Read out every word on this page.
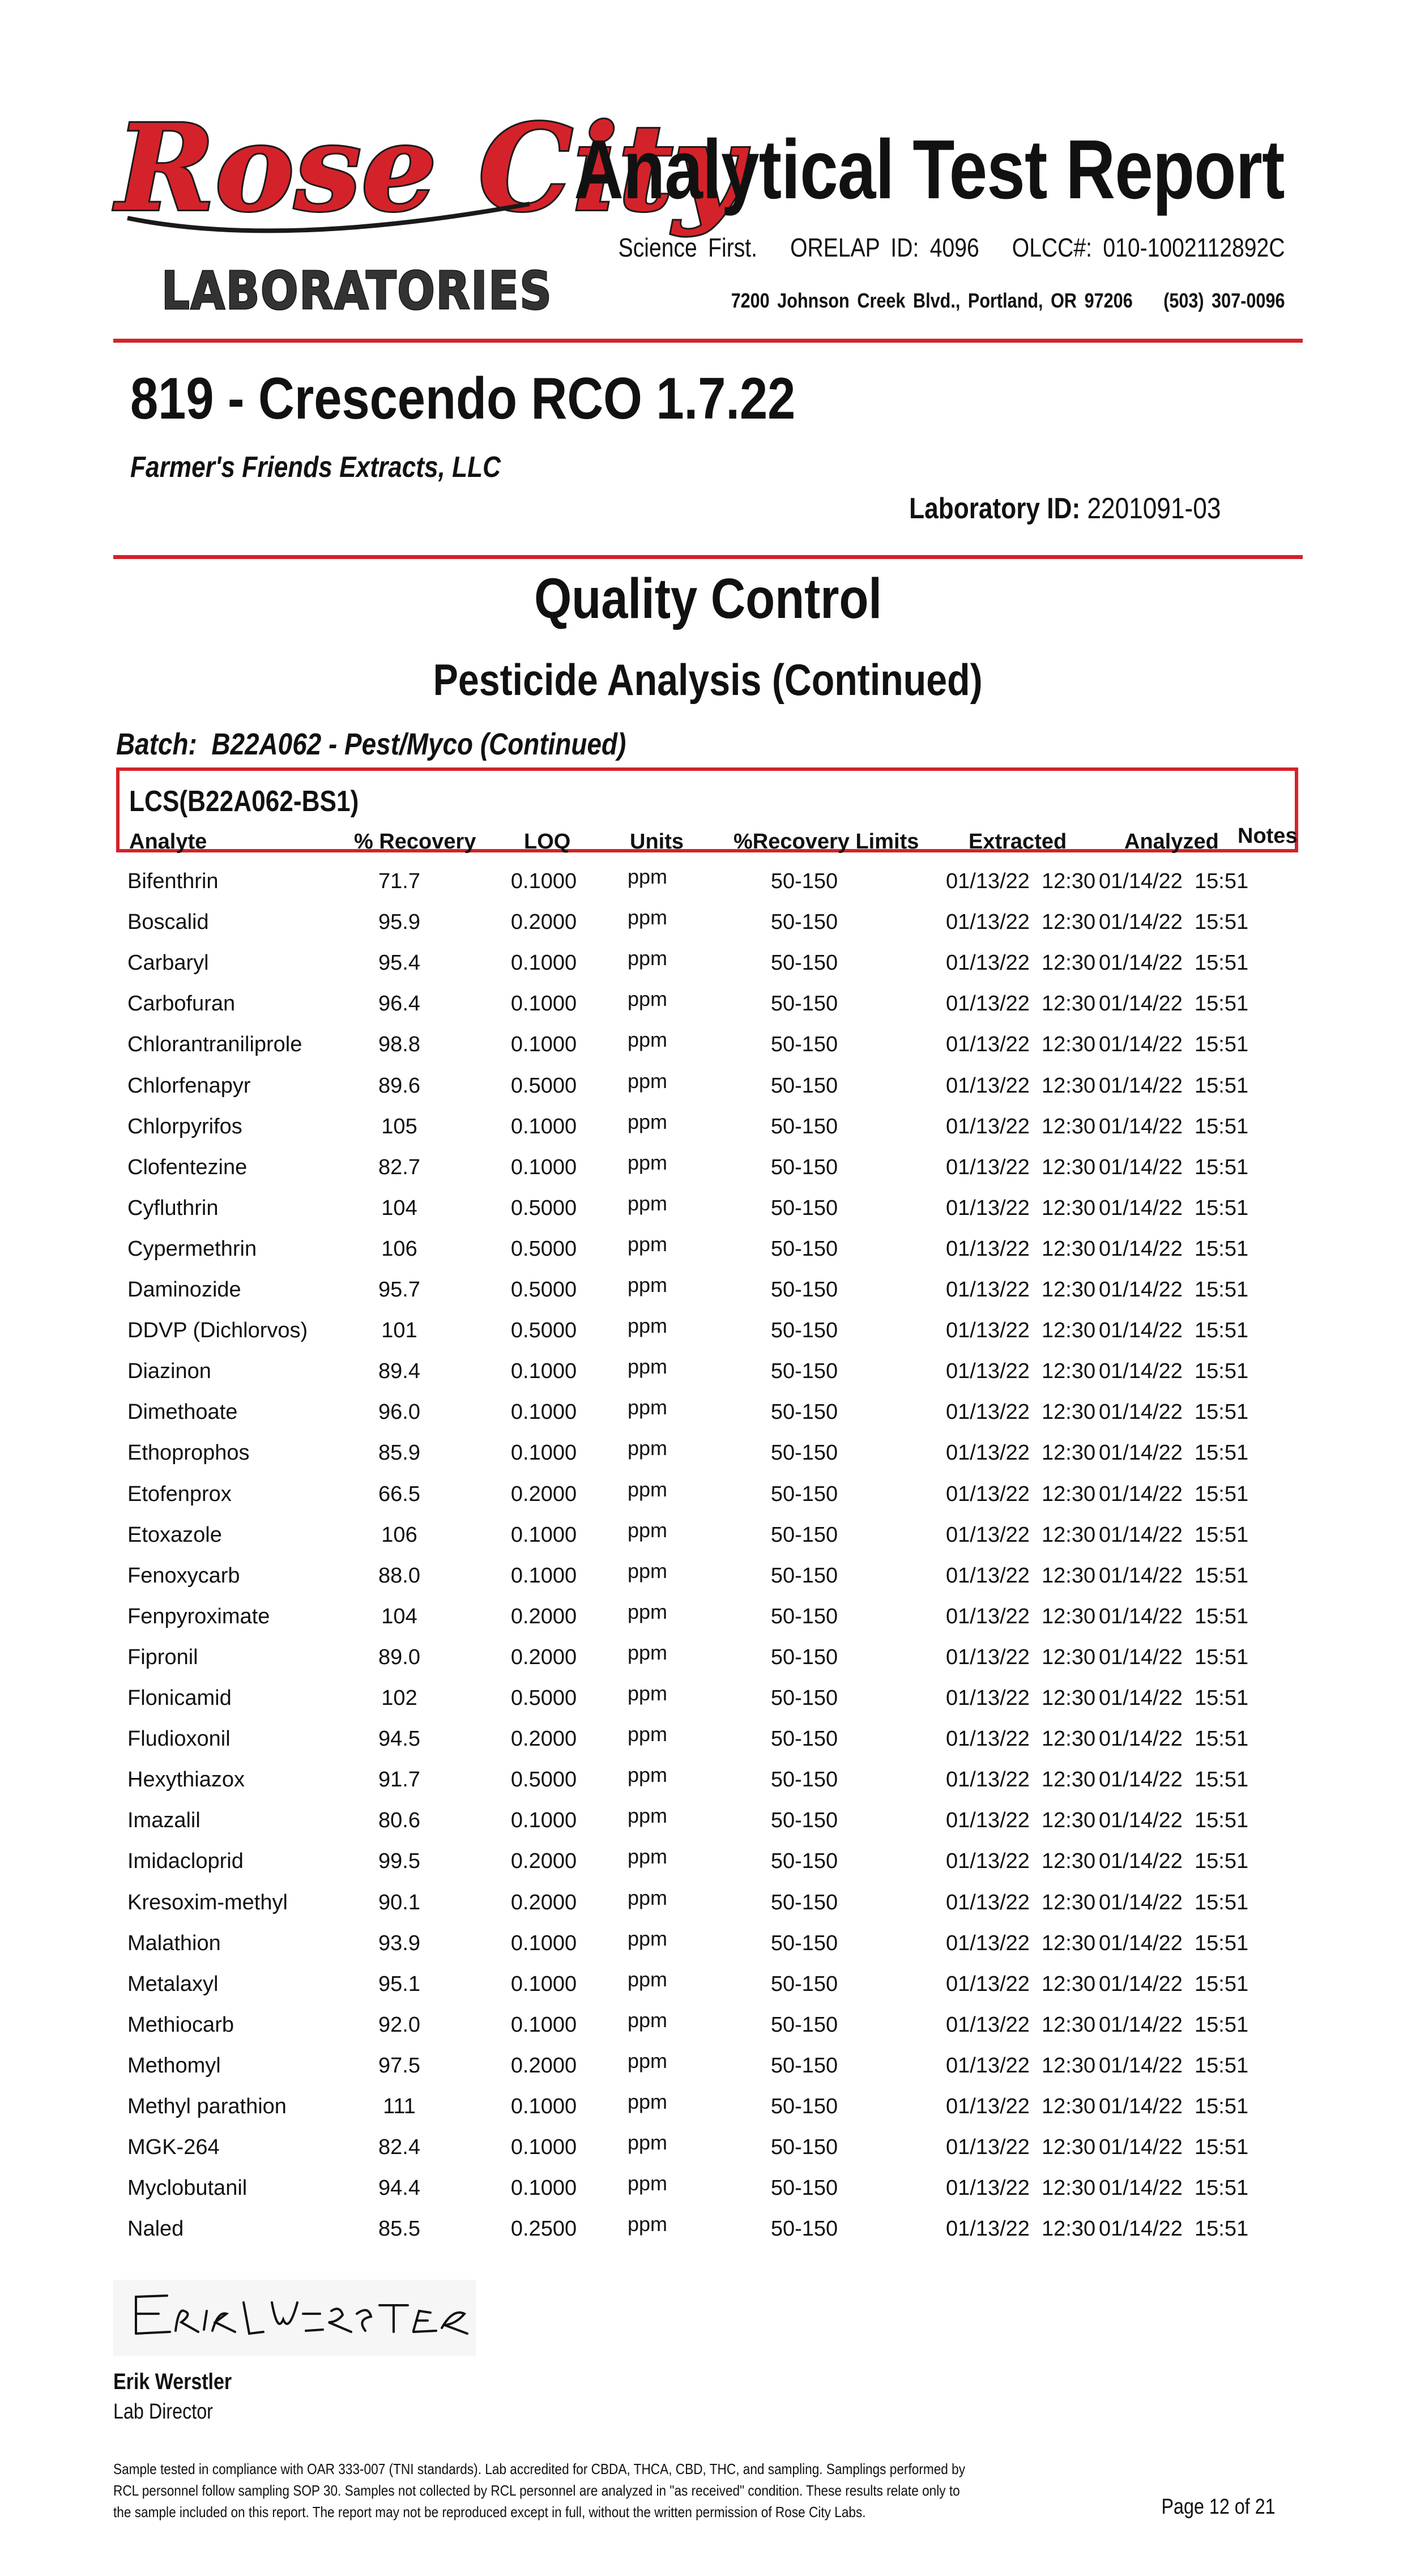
Rose City
LABORATORIES
Analytical Test Report
Science First.   ORELAP ID: 4096   OLCC#: 010-1002112892C
7200 Johnson Creek Blvd., Portland, OR 97206    (503) 307-0096
819 - Crescendo RCO 1.7.22
Farmer's Friends Extracts, LLC
Laboratory ID: 2201091-03
Quality Control
Pesticide Analysis (Continued)
Batch:  B22A062 - Pest/Myco (Continued)
LCS(B22A062-BS1)
Analyte	% Recovery LOQ	Units %Recovery Limits Extracted	Analyzed Notes
Bifenthrin	71.7	0.1000 ppm	50-150	01/13/22  12:30 01/14/22  15:51
Boscalid	95.9	0.2000 ppm	50-150	01/13/22  12:30 01/14/22  15:51
Carbaryl	95.4	0.1000 ppm	50-150	01/13/22  12:30 01/14/22  15:51
Carbofuran	96.4	0.1000 ppm	50-150	01/13/22  12:30 01/14/22  15:51
Chlorantraniliprole	98.8	0.1000 ppm	50-150	01/13/22  12:30 01/14/22  15:51
Chlorfenapyr	89.6	0.5000 ppm	50-150	01/13/22  12:30 01/14/22  15:51
Chlorpyrifos	105	0.1000 ppm	50-150	01/13/22  12:30 01/14/22  15:51
Clofentezine	82.7	0.1000 ppm	50-150	01/13/22  12:30 01/14/22  15:51
Cyfluthrin	104	0.5000 ppm	50-150	01/13/22  12:30 01/14/22  15:51
Cypermethrin	106	0.5000 ppm	50-150	01/13/22  12:30 01/14/22  15:51
Daminozide	95.7	0.5000 ppm	50-150	01/13/22  12:30 01/14/22  15:51
DDVP (Dichlorvos)	101	0.5000 ppm	50-150	01/13/22  12:30 01/14/22  15:51
Diazinon	89.4	0.1000 ppm	50-150	01/13/22  12:30 01/14/22  15:51
Dimethoate	96.0	0.1000 ppm	50-150	01/13/22  12:30 01/14/22  15:51
Ethoprophos	85.9	0.1000 ppm	50-150	01/13/22  12:30 01/14/22  15:51
Etofenprox	66.5	0.2000 ppm	50-150	01/13/22  12:30 01/14/22  15:51
Etoxazole	106	0.1000 ppm	50-150	01/13/22  12:30 01/14/22  15:51
Fenoxycarb	88.0	0.1000 ppm	50-150	01/13/22  12:30 01/14/22  15:51
Fenpyroximate	104	0.2000 ppm	50-150	01/13/22  12:30 01/14/22  15:51
Fipronil	89.0	0.2000 ppm	50-150	01/13/22  12:30 01/14/22  15:51
Flonicamid	102	0.5000 ppm	50-150	01/13/22  12:30 01/14/22  15:51
Fludioxonil	94.5	0.2000 ppm	50-150	01/13/22  12:30 01/14/22  15:51
Hexythiazox	91.7	0.5000 ppm	50-150	01/13/22  12:30 01/14/22  15:51
Imazalil	80.6	0.1000 ppm	50-150	01/13/22  12:30 01/14/22  15:51
Imidacloprid	99.5	0.2000 ppm	50-150	01/13/22  12:30 01/14/22  15:51
Kresoxim-methyl	90.1	0.2000 ppm	50-150	01/13/22  12:30 01/14/22  15:51
Malathion	93.9	0.1000 ppm	50-150	01/13/22  12:30 01/14/22  15:51
Metalaxyl	95.1	0.1000 ppm	50-150	01/13/22  12:30 01/14/22  15:51
Methiocarb	92.0	0.1000 ppm	50-150	01/13/22  12:30 01/14/22  15:51
Methomyl	97.5	0.2000 ppm	50-150	01/13/22  12:30 01/14/22  15:51
Methyl parathion	111	0.1000 ppm	50-150	01/13/22  12:30 01/14/22  15:51
MGK-264	82.4	0.1000 ppm	50-150	01/13/22  12:30 01/14/22  15:51
Myclobutanil	94.4	0.1000 ppm	50-150	01/13/22  12:30 01/14/22  15:51
Naled	85.5	0.2500 ppm	50-150	01/13/22  12:30 01/14/22  15:51
Erik Werstler
Lab Director
Sample tested in compliance with OAR 333-007 (TNI standards). Lab accredited for CBDA, THCA, CBD, THC, and sampling. Samplings performed by RCL personnel follow sampling SOP 30. Samples not collected by RCL personnel are analyzed in "as received" condition. These results relate only to the sample included on this report. The report may not be reproduced except in full, without the written permission of Rose City Labs.	Page 12 of 21
